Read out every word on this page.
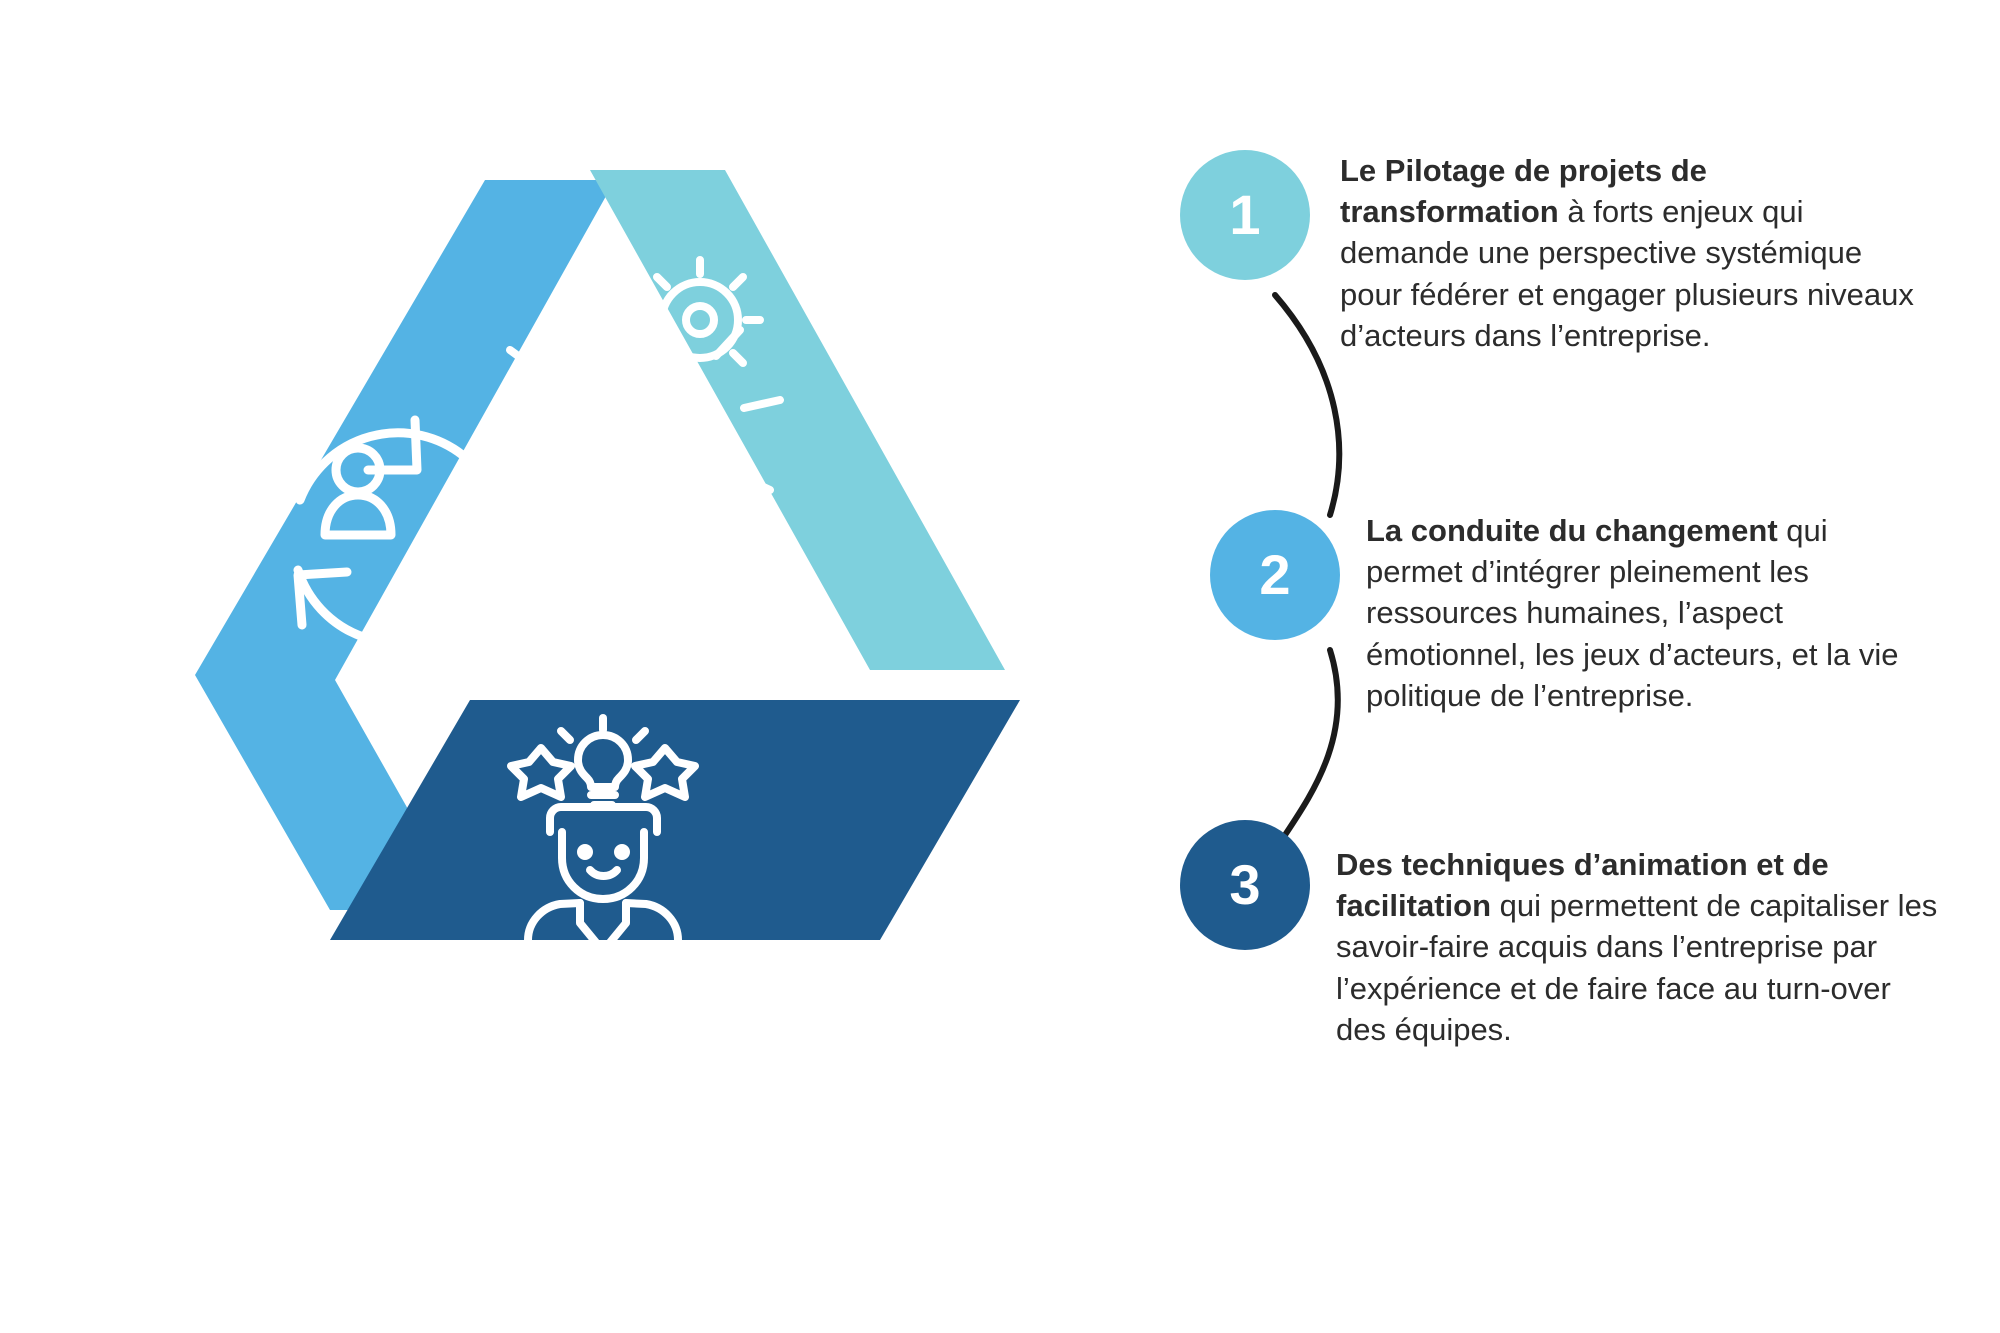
1
Le Pilotage de projets de transformation à forts enjeux qui demande une perspective systémique pour fédérer et engager plusieurs niveaux d’acteurs dans l’entreprise.
2
La conduite du changement qui permet d’intégrer pleinement les ressources humaines, l’aspect émotionnel, les jeux d’acteurs, et la vie politique de l’entreprise.
3	Des techniques d’animation et de facilitation qui permettent de capitaliser les savoir-faire acquis dans l’entreprise par l’expérience et de faire face au turn-over des équipes.
